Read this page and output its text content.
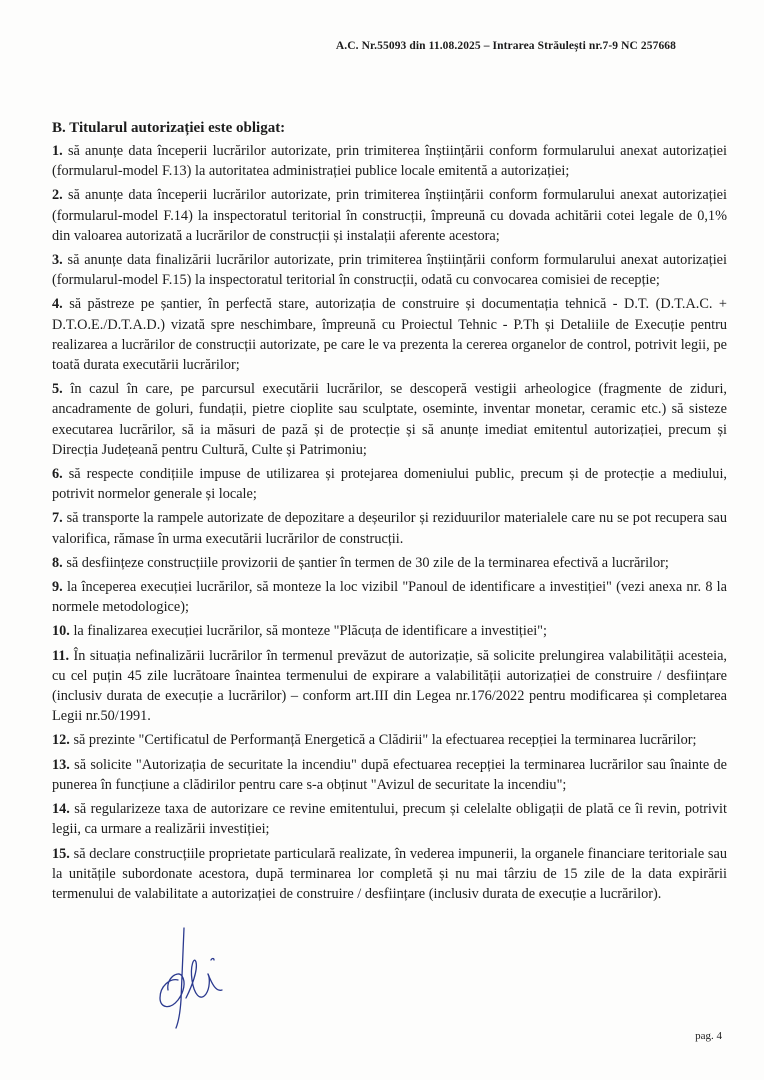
A.C. Nr.55093 din 11.08.2025 – Intrarea Străulești nr.7-9 NC 257668
B. Titularul autorizației este obligat:
1. să anunțe data începerii lucrărilor autorizate, prin trimiterea înștiințării conform formularului anexat autorizației (formularul-model F.13) la autoritatea administrației publice locale emitentă a autorizației;
2. să anunțe data începerii lucrărilor autorizate, prin trimiterea înștiințării conform formularului anexat autorizației (formularul-model F.14) la inspectoratul teritorial în construcții, împreună cu dovada achitării cotei legale de 0,1% din valoarea autorizată a lucrărilor de construcții și instalații aferente acestora;
3. să anunțe data finalizării lucrărilor autorizate, prin trimiterea înștiințării conform formularului anexat autorizației (formularul-model F.15) la inspectoratul teritorial în construcții, odată cu convocarea comisiei de recepție;
4. să păstreze pe șantier, în perfectă stare, autorizația de construire și documentația tehnică - D.T. (D.T.A.C. + D.T.O.E./D.T.A.D.) vizată spre neschimbare, împreună cu Proiectul Tehnic - P.Th și Detaliile de Execuție pentru realizarea a lucrărilor de construcții autorizate, pe care le va prezenta la cererea organelor de control, potrivit legii, pe toată durata executării lucrărilor;
5. în cazul în care, pe parcursul executării lucrărilor, se descoperă vestigii arheologice (fragmente de ziduri, ancadramente de goluri, fundații, pietre cioplite sau sculptate, oseminte, inventar monetar, ceramic etc.) să sisteze executarea lucrărilor, să ia măsuri de pază și de protecție și să anunțe imediat emitentul autorizației, precum și Direcția Județeană pentru Cultură, Culte și Patrimoniu;
6. să respecte condițiile impuse de utilizarea și protejarea domeniului public, precum și de protecție a mediului, potrivit normelor generale și locale;
7. să transporte la rampele autorizate de depozitare a deșeurilor și reziduurilor materialele care nu se pot recupera sau valorifica, rămase în urma executării lucrărilor de construcții.
8. să desființeze construcțiile provizorii de șantier în termen de 30 zile de la terminarea efectivă a lucrărilor;
9. la începerea execuției lucrărilor, să monteze la loc vizibil "Panoul de identificare a investiției" (vezi anexa nr. 8 la normele metodologice);
10. la finalizarea execuției lucrărilor, să monteze "Plăcuța de identificare a investiției";
11. În situația nefinalizării lucrărilor în termenul prevăzut de autorizație, să solicite prelungirea valabilității acesteia, cu cel puțin 45 zile lucrătoare înaintea termenului de expirare a valabilității autorizației de construire / desființare (inclusiv durata de execuție a lucrărilor) – conform art.III din Legea nr.176/2022 pentru modificarea și completarea Legii nr.50/1991.
12. să prezinte "Certificatul de Performanță Energetică a Clădirii" la efectuarea recepției la terminarea lucrărilor;
13. să solicite "Autorizația de securitate la incendiu" după efectuarea recepției la terminarea lucrărilor sau înainte de punerea în funcțiune a clădirilor pentru care s-a obținut "Avizul de securitate la incendiu";
14. să regularizeze taxa de autorizare ce revine emitentului, precum și celelalte obligații de plată ce îi revin, potrivit legii, ca urmare a realizării investiției;
15. să declare construcțiile proprietate particulară realizate, în vederea impunerii, la organele financiare teritoriale sau la unitățile subordonate acestora, după terminarea lor completă și nu mai târziu de 15 zile de la data expirării termenului de valabilitate a autorizației de construire / desființare (inclusiv durata de execuție a lucrărilor).
pag. 4
